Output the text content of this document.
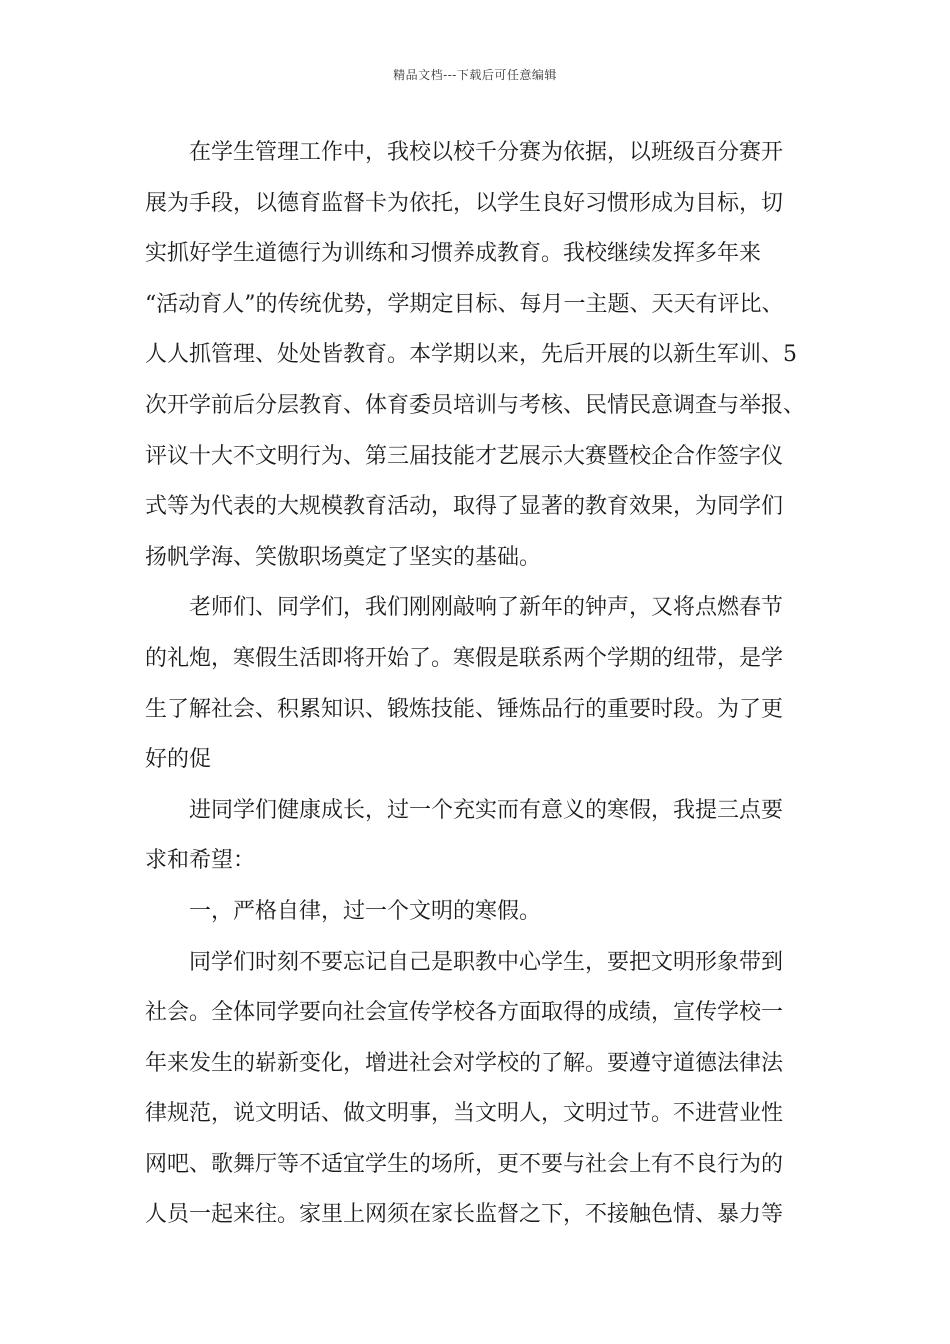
精品文档---下载后可任意编辑
在学生管理工作中，我校以校千分赛为依据，以班级百分赛开
展为手段，以德育监督卡为依托，以学生良好习惯形成为目标，切
实抓好学生道德行为训练和习惯养成教育。我校继续发挥多年来
“活动育人”的传统优势，学期定目标、每月一主题、天天有评比、
人人抓管理、处处皆教育。本学期以来，先后开展的以新生军训、5
次开学前后分层教育、体育委员培训与考核、民情民意调查与举报、
评议十大不文明行为、第三届技能才艺展示大赛暨校企合作签字仪
式等为代表的大规模教育活动，取得了显著的教育效果，为同学们
扬帆学海、笑傲职场奠定了坚实的基础。
老师们、同学们，我们刚刚敲响了新年的钟声，又将点燃春节
的礼炮，寒假生活即将开始了。寒假是联系两个学期的纽带，是学
生了解社会、积累知识、锻炼技能、锤炼品行的重要时段。为了更
好的促
进同学们健康成长，过一个充实而有意义的寒假，我提三点要
求和希望：
一，严格自律，过一个文明的寒假。
同学们时刻不要忘记自己是职教中心学生，要把文明形象带到
社会。全体同学要向社会宣传学校各方面取得的成绩，宣传学校一
年来发生的崭新变化，增进社会对学校的了解。要遵守道德法律法
律规范，说文明话、做文明事，当文明人，文明过节。不进营业性
网吧、歌舞厅等不适宜学生的场所，更不要与社会上有不良行为的
人员一起来往。家里上网须在家长监督之下，不接触色情、暴力等
